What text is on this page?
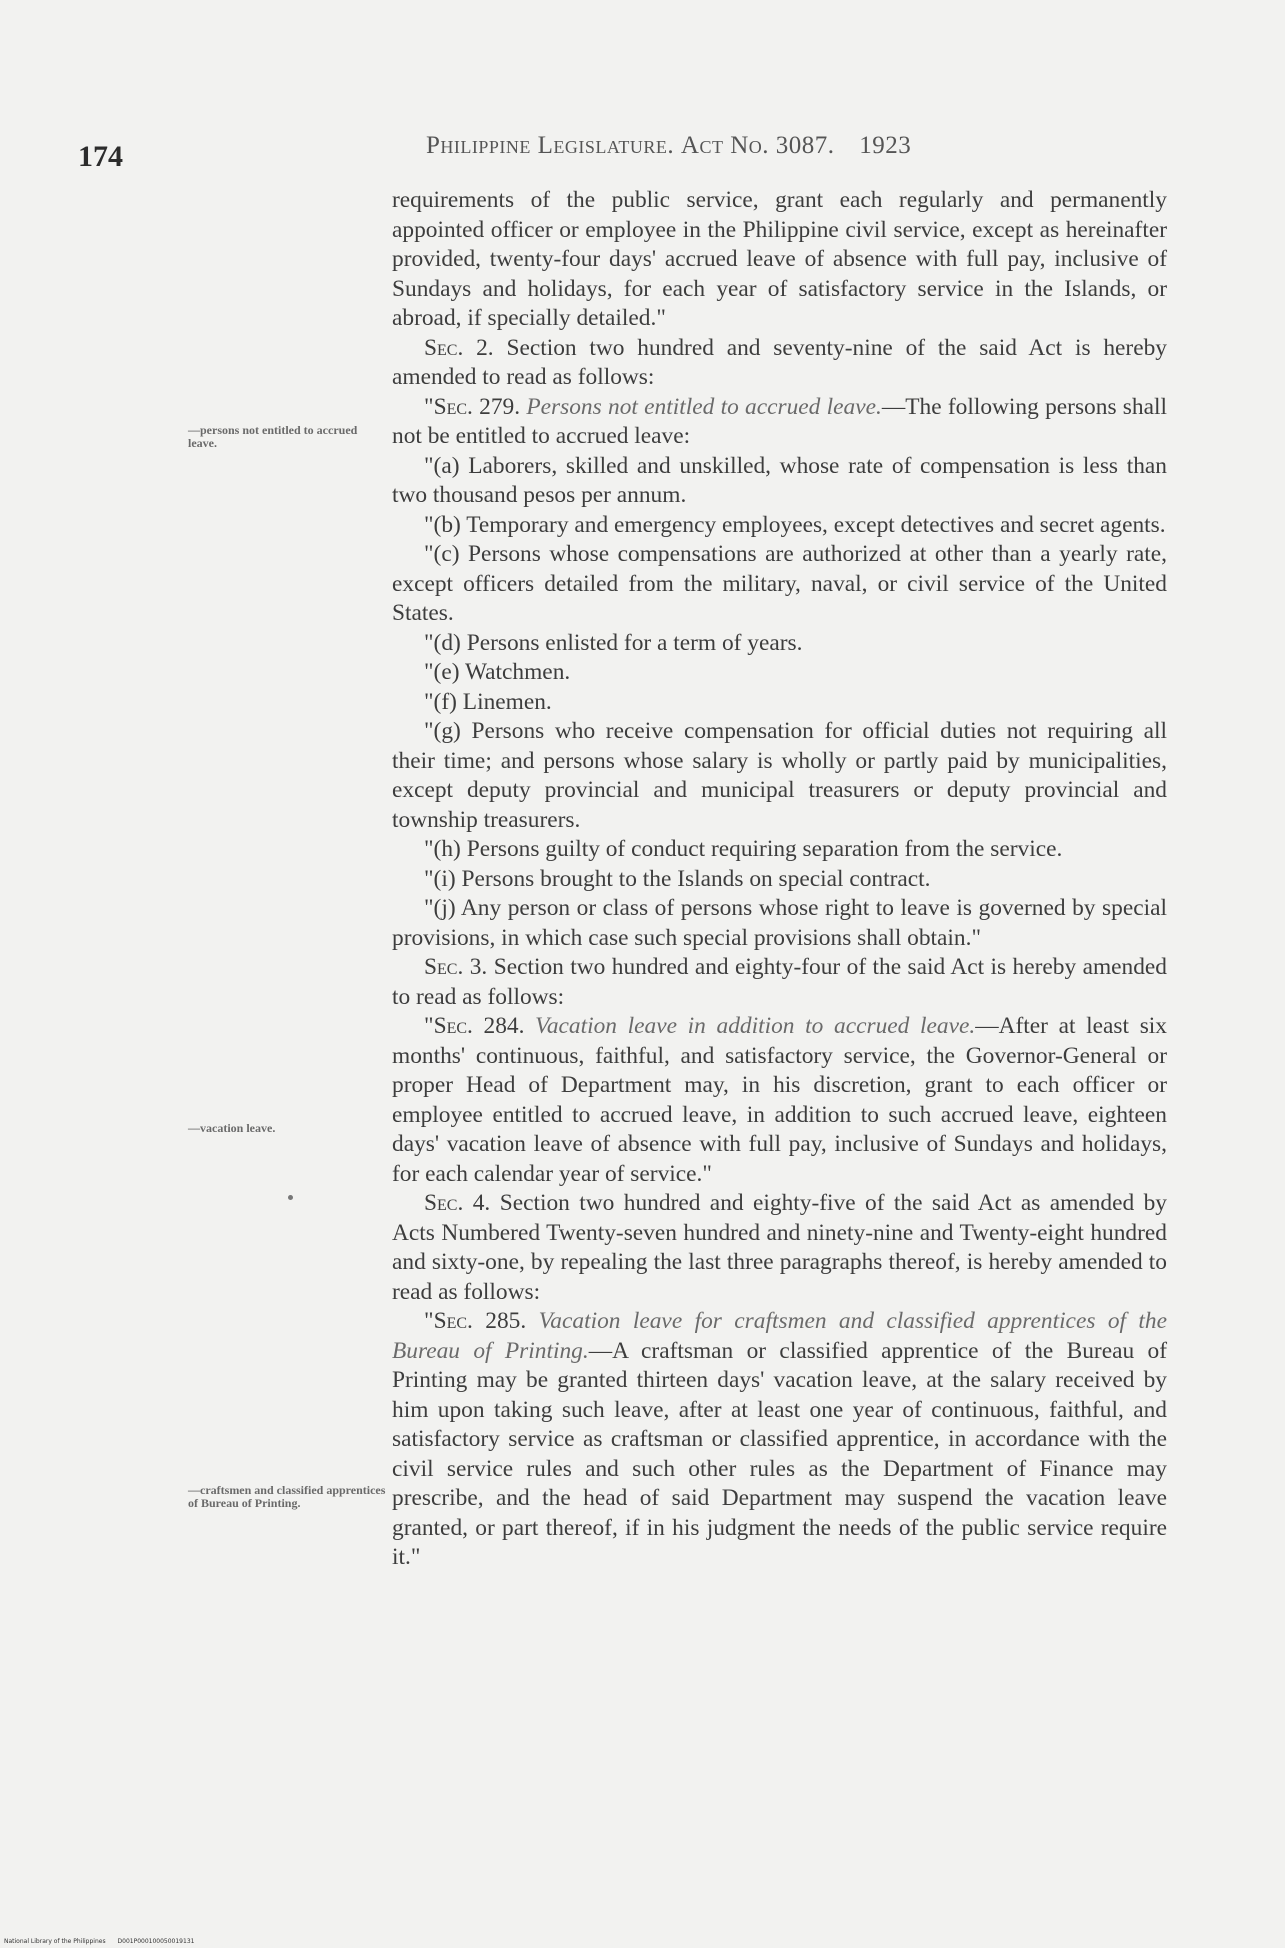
174	Philippine Legislature. Act No. 3087. 1923
—persons not entitled to accrued leave.
—vacation leave.
—craftsmen and classified apprentices of Bureau of Printing.

requirements of the public service, grant each regularly and permanently appointed officer or employee in the Philippine civil service, except as hereinafter provided, twenty-four days' accrued leave of absence with full pay, inclusive of Sundays and holidays, for each year of satisfactory service in the Islands, or abroad, if specially detailed."

Sec. 2. Section two hundred and seventy-nine of the said Act is hereby amended to read as follows:

"Sec. 279. Persons not entitled to accrued leave.—The following persons shall not be entitled to accrued leave:

"(a) Laborers, skilled and unskilled, whose rate of compensation is less than two thousand pesos per annum.

"(b) Temporary and emergency employees, except detectives and secret agents.

"(c) Persons whose compensations are authorized at other than a yearly rate, except officers detailed from the military, naval, or civil service of the United States.

"(d) Persons enlisted for a term of years.

"(e) Watchmen.

"(f) Linemen.

"(g) Persons who receive compensation for official duties not requiring all their time; and persons whose salary is wholly or partly paid by municipalities, except deputy provincial and municipal treasurers or deputy provincial and township treasurers.

"(h) Persons guilty of conduct requiring separation from the service.

"(i) Persons brought to the Islands on special contract.

"(j) Any person or class of persons whose right to leave is governed by special provisions, in which case such special provisions shall obtain."

Sec. 3. Section two hundred and eighty-four of the said Act is hereby amended to read as follows:

"Sec. 284. Vacation leave in addition to accrued leave.—After at least six months' continuous, faithful, and satisfactory service, the Governor-General or proper Head of Department may, in his discretion, grant to each officer or employee entitled to accrued leave, in addition to such accrued leave, eighteen days' vacation leave of absence with full pay, inclusive of Sundays and holidays, for each calendar year of service."

Sec. 4. Section two hundred and eighty-five of the said Act as amended by Acts Numbered Twenty-seven hundred and ninety-nine and Twenty-eight hundred and sixty-one, by repealing the last three paragraphs thereof, is hereby amended to read as follows:

"Sec. 285. Vacation leave for craftsmen and classified apprentices of the Bureau of Printing.—A craftsman or classified apprentice of the Bureau of Printing may be granted thirteen days' vacation leave, at the salary received by him upon taking such leave, after at least one year of continuous, faithful, and satisfactory service as craftsman or classified apprentice, in accordance with the civil service rules and such other rules as the Department of Finance may prescribe, and the head of said Department may suspend the vacation leave granted, or part thereof, if in his judgment the needs of the public service require it."

National Library of the Philippines D001P000100050019131
